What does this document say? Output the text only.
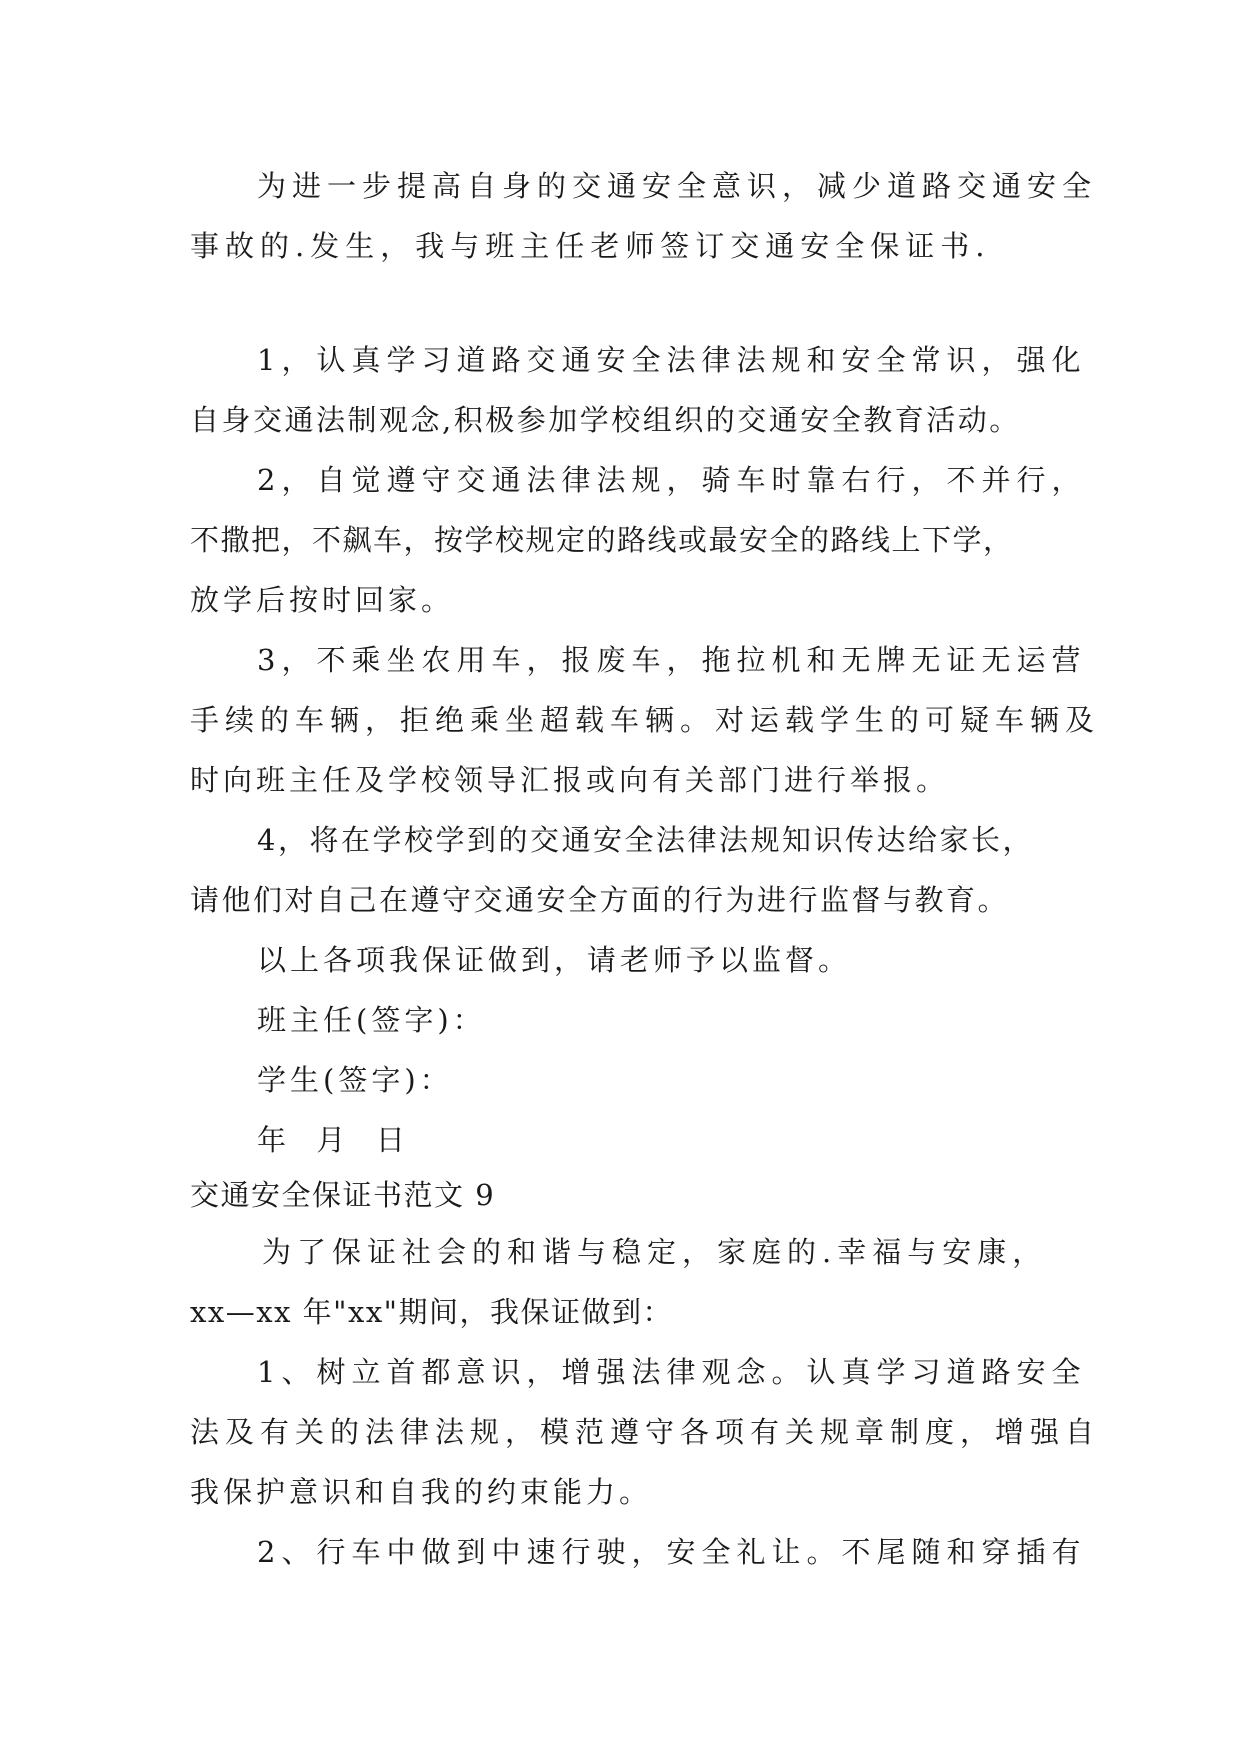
为进一步提高自身的交通安全意识，减少道路交通安全
事故的.发生，我与班主任老师签订交通安全保证书.
1，认真学习道路交通安全法律法规和安全常识，强化
自身交通法制观念,积极参加学校组织的交通安全教育活动。
2，自觉遵守交通法律法规，骑车时靠右行，不并行，
不撒把，不飙车，按学校规定的路线或最安全的路线上下学，
放学后按时回家。
3，不乘坐农用车，报废车，拖拉机和无牌无证无运营
手续的车辆，拒绝乘坐超载车辆。对运载学生的可疑车辆及
时向班主任及学校领导汇报或向有关部门进行举报。
4，将在学校学到的交通安全法律法规知识传达给家长，
请他们对自己在遵守交通安全方面的行为进行监督与教育。
以上各项我保证做到，请老师予以监督。
班主任(签字)：
学生(签字)：
年  月  日
交通安全保证书范文 9
为了保证社会的和谐与稳定，家庭的.幸福与安康，
xx—xx 年"xx"期间，我保证做到：
1、树立首都意识，增强法律观念。认真学习道路安全
法及有关的法律法规，模范遵守各项有关规章制度，增强自
我保护意识和自我的约束能力。
2、行车中做到中速行驶，安全礼让。不尾随和穿插有
